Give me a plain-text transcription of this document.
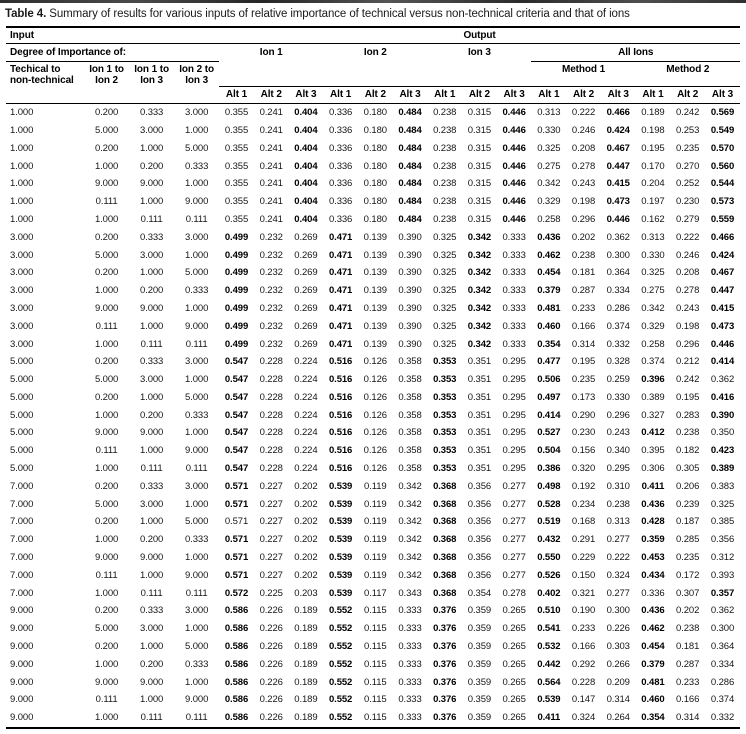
Table 4. Summary of results for various inputs of relative importance of technical versus non-technical criteria and that of ions

Input				Output														
Degree of Importance of:				Ion 1			Ion 2			Ion 3			All Ions					
Techical to non-technical	Ion 1 to Ion 2	Ion 1 to Ion 3	Ion 2 to Ion 3										Method 1			Method 2		
				Alt 1	Alt 2	Alt 3	Alt 1	Alt 2	Alt 3	Alt 1	Alt 2	Alt 3	Alt 1	Alt 2	Alt 3	Alt 1	Alt 2	Alt 3
1.000	0.200	0.333	3.000	0.355	0.241	0.404	0.336	0.180	0.484	0.238	0.315	0.446	0.313	0.222	0.466	0.189	0.242	0.569
1.000	5.000	3.000	1.000	0.355	0.241	0.404	0.336	0.180	0.484	0.238	0.315	0.446	0.330	0.246	0.424	0.198	0.253	0.549
1.000	0.200	1.000	5.000	0.355	0.241	0.404	0.336	0.180	0.484	0.238	0.315	0.446	0.325	0.208	0.467	0.195	0.235	0.570
1.000	1.000	0.200	0.333	0.355	0.241	0.404	0.336	0.180	0.484	0.238	0.315	0.446	0.275	0.278	0.447	0.170	0.270	0.560
1.000	9.000	9.000	1.000	0.355	0.241	0.404	0.336	0.180	0.484	0.238	0.315	0.446	0.342	0.243	0.415	0.204	0.252	0.544
1.000	0.111	1.000	9.000	0.355	0.241	0.404	0.336	0.180	0.484	0.238	0.315	0.446	0.329	0.198	0.473	0.197	0.230	0.573
1.000	1.000	0.111	0.111	0.355	0.241	0.404	0.336	0.180	0.484	0.238	0.315	0.446	0.258	0.296	0.446	0.162	0.279	0.559
3.000	0.200	0.333	3.000	0.499	0.232	0.269	0.471	0.139	0.390	0.325	0.342	0.333	0.436	0.202	0.362	0.313	0.222	0.466
3.000	5.000	3.000	1.000	0.499	0.232	0.269	0.471	0.139	0.390	0.325	0.342	0.333	0.462	0.238	0.300	0.330	0.246	0.424
3.000	0.200	1.000	5.000	0.499	0.232	0.269	0.471	0.139	0.390	0.325	0.342	0.333	0.454	0.181	0.364	0.325	0.208	0.467
3.000	1.000	0.200	0.333	0.499	0.232	0.269	0.471	0.139	0.390	0.325	0.342	0.333	0.379	0.287	0.334	0.275	0.278	0.447
3.000	9.000	9.000	1.000	0.499	0.232	0.269	0.471	0.139	0.390	0.325	0.342	0.333	0.481	0.233	0.286	0.342	0.243	0.415
3.000	0.111	1.000	9.000	0.499	0.232	0.269	0.471	0.139	0.390	0.325	0.342	0.333	0.460	0.166	0.374	0.329	0.198	0.473
3.000	1.000	0.111	0.111	0.499	0.232	0.269	0.471	0.139	0.390	0.325	0.342	0.333	0.354	0.314	0.332	0.258	0.296	0.446
5.000	0.200	0.333	3.000	0.547	0.228	0.224	0.516	0.126	0.358	0.353	0.351	0.295	0.477	0.195	0.328	0.374	0.212	0.414
5.000	5.000	3.000	1.000	0.547	0.228	0.224	0.516	0.126	0.358	0.353	0.351	0.295	0.506	0.235	0.259	0.396	0.242	0.362
5.000	0.200	1.000	5.000	0.547	0.228	0.224	0.516	0.126	0.358	0.353	0.351	0.295	0.497	0.173	0.330	0.389	0.195	0.416
5.000	1.000	0.200	0.333	0.547	0.228	0.224	0.516	0.126	0.358	0.353	0.351	0.295	0.414	0.290	0.296	0.327	0.283	0.390
5.000	9.000	9.000	1.000	0.547	0.228	0.224	0.516	0.126	0.358	0.353	0.351	0.295	0.527	0.230	0.243	0.412	0.238	0.350
5.000	0.111	1.000	9.000	0.547	0.228	0.224	0.516	0.126	0.358	0.353	0.351	0.295	0.504	0.156	0.340	0.395	0.182	0.423
5.000	1.000	0.111	0.111	0.547	0.228	0.224	0.516	0.126	0.358	0.353	0.351	0.295	0.386	0.320	0.295	0.306	0.305	0.389
7.000	0.200	0.333	3.000	0.571	0.227	0.202	0.539	0.119	0.342	0.368	0.356	0.277	0.498	0.192	0.310	0.411	0.206	0.383
7.000	5.000	3.000	1.000	0.571	0.227	0.202	0.539	0.119	0.342	0.368	0.356	0.277	0.528	0.234	0.238	0.436	0.239	0.325
7.000	0.200	1.000	5.000	0.571	0.227	0.202	0.539	0.119	0.342	0.368	0.356	0.277	0.519	0.168	0.313	0.428	0.187	0.385
7.000	1.000	0.200	0.333	0.571	0.227	0.202	0.539	0.119	0.342	0.368	0.356	0.277	0.432	0.291	0.277	0.359	0.285	0.356
7.000	9.000	9.000	1.000	0.571	0.227	0.202	0.539	0.119	0.342	0.368	0.356	0.277	0.550	0.229	0.222	0.453	0.235	0.312
7.000	0.111	1.000	9.000	0.571	0.227	0.202	0.539	0.119	0.342	0.368	0.356	0.277	0.526	0.150	0.324	0.434	0.172	0.393
7.000	1.000	0.111	0.111	0.572	0.225	0.203	0.539	0.117	0.343	0.368	0.354	0.278	0.402	0.321	0.277	0.336	0.307	0.357
9.000	0.200	0.333	3.000	0.586	0.226	0.189	0.552	0.115	0.333	0.376	0.359	0.265	0.510	0.190	0.300	0.436	0.202	0.362
9.000	5.000	3.000	1.000	0.586	0.226	0.189	0.552	0.115	0.333	0.376	0.359	0.265	0.541	0.233	0.226	0.462	0.238	0.300
9.000	0.200	1.000	5.000	0.586	0.226	0.189	0.552	0.115	0.333	0.376	0.359	0.265	0.532	0.166	0.303	0.454	0.181	0.364
9.000	1.000	0.200	0.333	0.586	0.226	0.189	0.552	0.115	0.333	0.376	0.359	0.265	0.442	0.292	0.266	0.379	0.287	0.334
9.000	9.000	9.000	1.000	0.586	0.226	0.189	0.552	0.115	0.333	0.376	0.359	0.265	0.564	0.228	0.209	0.481	0.233	0.286
9.000	0.111	1.000	9.000	0.586	0.226	0.189	0.552	0.115	0.333	0.376	0.359	0.265	0.539	0.147	0.314	0.460	0.166	0.374
9.000	1.000	0.111	0.111	0.586	0.226	0.189	0.552	0.115	0.333	0.376	0.359	0.265	0.411	0.324	0.264	0.354	0.314	0.332
